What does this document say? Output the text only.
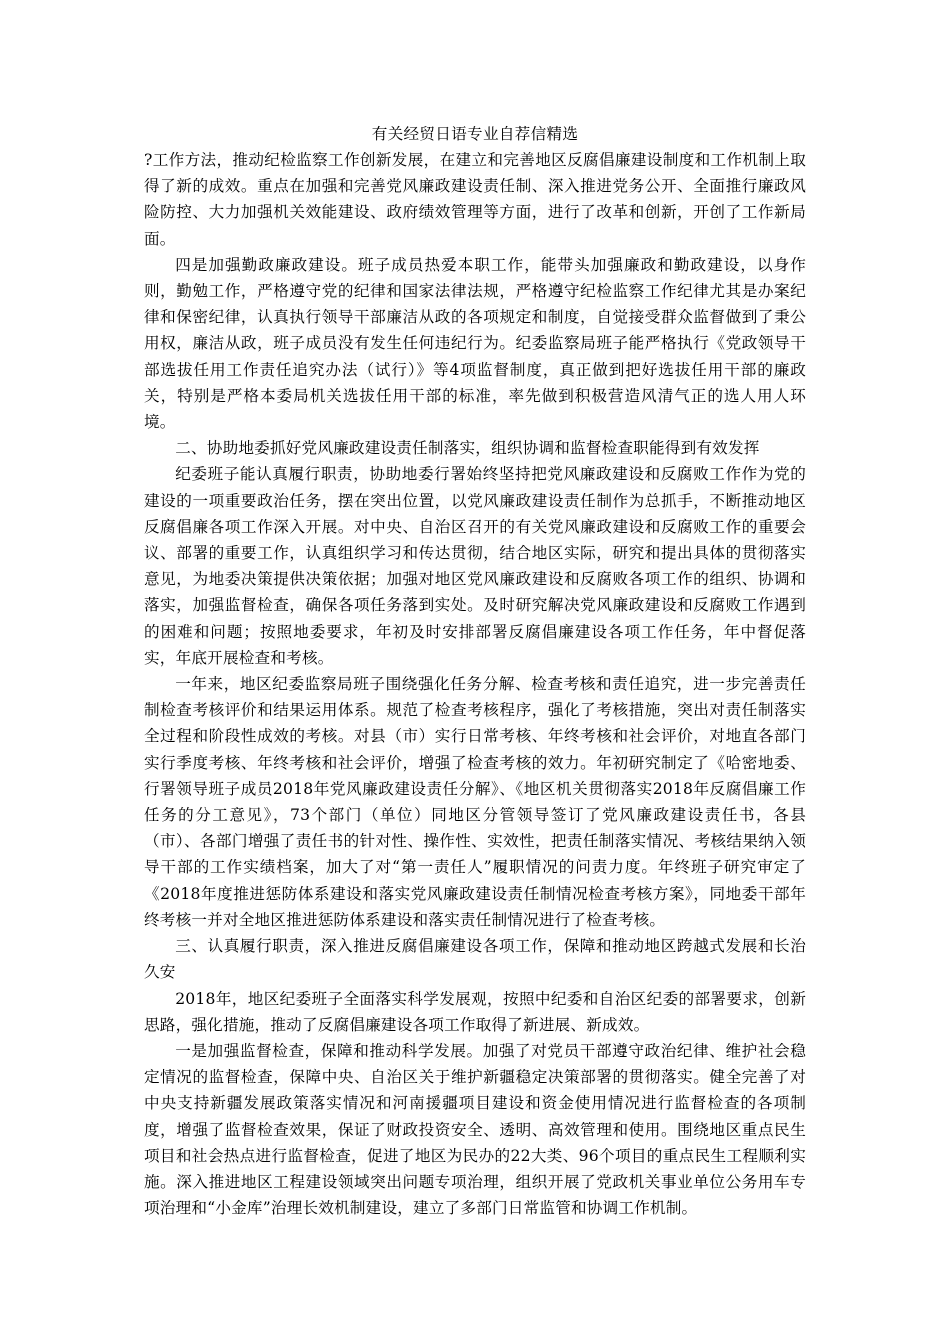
有关经贸日语专业自荐信精选

?工作方法，推动纪检监察工作创新发展，在建立和完善地区反腐倡廉建设制度和工作机制上取得了新的成效。重点在加强和完善党风廉政建设责任制、深入推进党务公开、全面推行廉政风险防控、大力加强机关效能建设、政府绩效管理等方面，进行了改革和创新，开创了工作新局面。

四是加强勤政廉政建设。班子成员热爱本职工作，能带头加强廉政和勤政建设，以身作则，勤勉工作，严格遵守党的纪律和国家法律法规，严格遵守纪检监察工作纪律尤其是办案纪律和保密纪律，认真执行领导干部廉洁从政的各项规定和制度，自觉接受群众监督做到了秉公用权，廉洁从政，班子成员没有发生任何违纪行为。纪委监察局班子能严格执行《党政领导干部选拔任用工作责任追究办法（试行）》等4项监督制度，真正做到把好选拔任用干部的廉政关，特别是严格本委局机关选拔任用干部的标准，率先做到积极营造风清气正的选人用人环境。

二、协助地委抓好党风廉政建设责任制落实，组织协调和监督检查职能得到有效发挥

纪委班子能认真履行职责，协助地委行署始终坚持把党风廉政建设和反腐败工作作为党的建设的一项重要政治任务，摆在突出位置，以党风廉政建设责任制作为总抓手，不断推动地区反腐倡廉各项工作深入开展。对中央、自治区召开的有关党风廉政建设和反腐败工作的重要会议、部署的重要工作，认真组织学习和传达贯彻，结合地区实际，研究和提出具体的贯彻落实意见，为地委决策提供决策依据；加强对地区党风廉政建设和反腐败各项工作的组织、协调和落实，加强监督检查，确保各项任务落到实处。及时研究解决党风廉政建设和反腐败工作遇到的困难和问题；按照地委要求，年初及时安排部署反腐倡廉建设各项工作任务，年中督促落实，年底开展检查和考核。

一年来，地区纪委监察局班子围绕强化任务分解、检查考核和责任追究，进一步完善责任制检查考核评价和结果运用体系。规范了检查考核程序，强化了考核措施，突出对责任制落实全过程和阶段性成效的考核。对县（市）实行日常考核、年终考核和社会评价，对地直各部门实行季度考核、年终考核和社会评价，增强了检查考核的效力。年初研究制定了《哈密地委、行署领导班子成员2018年党风廉政建设责任分解》、《地区机关贯彻落实2018年反腐倡廉工作任务的分工意见》，73个部门（单位）同地区分管领导签订了党风廉政建设责任书，各县（市）、各部门增强了责任书的针对性、操作性、实效性，把责任制落实情况、考核结果纳入领导干部的工作实绩档案，加大了对“第一责任人”履职情况的问责力度。年终班子研究审定了《2018年度推进惩防体系建设和落实党风廉政建设责任制情况检查考核方案》，同地委干部年终考核一并对全地区推进惩防体系建设和落实责任制情况进行了检查考核。

三、认真履行职责，深入推进反腐倡廉建设各项工作，保障和推动地区跨越式发展和长治久安

2018年，地区纪委班子全面落实科学发展观，按照中纪委和自治区纪委的部署要求，创新思路，强化措施，推动了反腐倡廉建设各项工作取得了新进展、新成效。

一是加强监督检查，保障和推动科学发展。加强了对党员干部遵守政治纪律、维护社会稳定情况的监督检查，保障中央、自治区关于维护新疆稳定决策部署的贯彻落实。健全完善了对中央支持新疆发展政策落实情况和河南援疆项目建设和资金使用情况进行监督检查的各项制度，增强了监督检查效果，保证了财政投资安全、透明、高效管理和使用。围绕地区重点民生项目和社会热点进行监督检查，促进了地区为民办的22大类、96个项目的重点民生工程顺利实施。深入推进地区工程建设领域突出问题专项治理，组织开展了党政机关事业单位公务用车专项治理和“小金库”治理长效机制建设，建立了多部门日常监管和协调工作机制。
